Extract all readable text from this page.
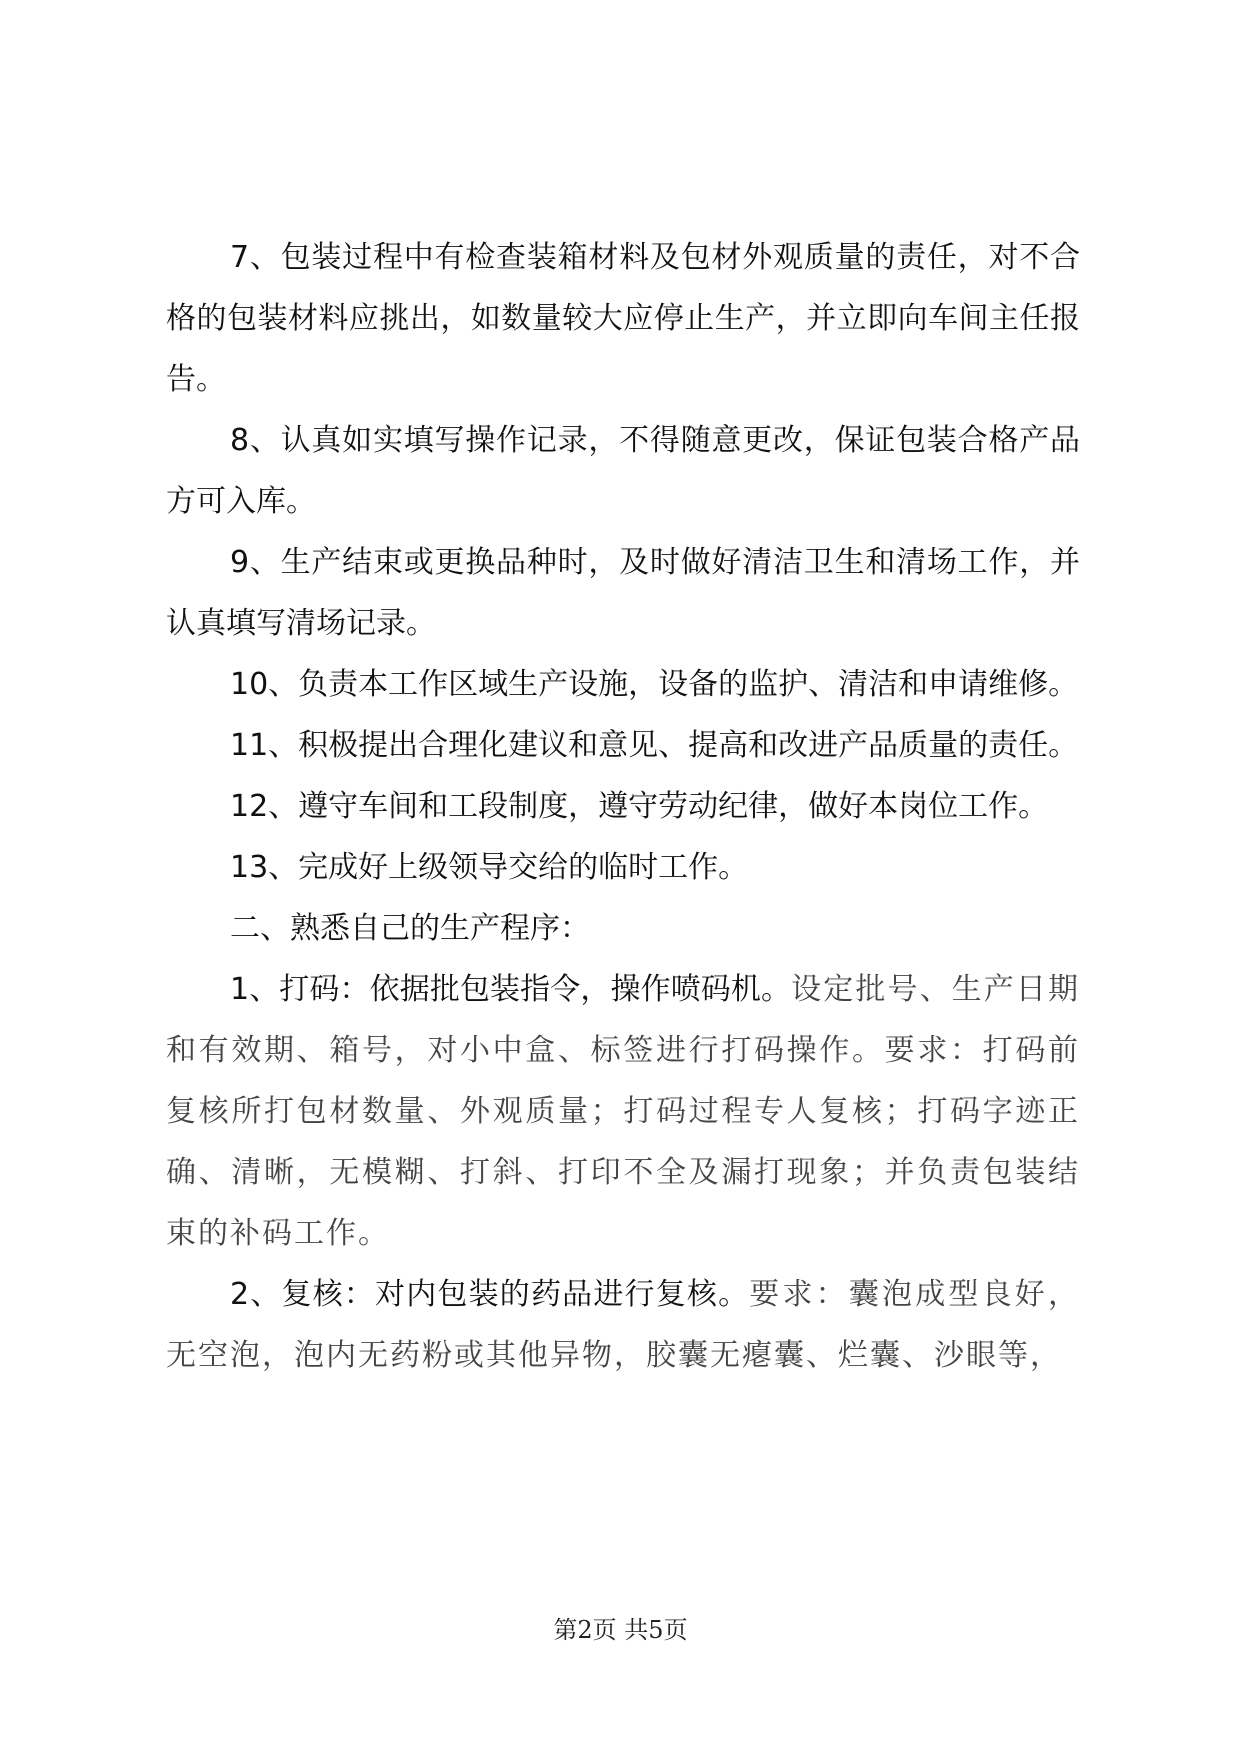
7、包装过程中有检查装箱材料及包材外观质量的责任，对不合格的包装材料应挑出，如数量较大应停止生产，并立即向车间主任报告。

8、认真如实填写操作记录，不得随意更改，保证包装合格产品方可入库。

9、生产结束或更换品种时，及时做好清洁卫生和清场工作，并认真填写清场记录。

10、负责本工作区域生产设施，设备的监护、清洁和申请维修。

11、积极提出合理化建议和意见、提高和改进产品质量的责任。

12、遵守车间和工段制度，遵守劳动纪律，做好本岗位工作。

13、完成好上级领导交给的临时工作。

二、熟悉自己的生产程序：

1、打码：依据批包装指令，操作喷码机。设定批号、生产日期和有效期、箱号，对小中盒、标签进行打码操作。要求：打码前复核所打包材数量、外观质量；打码过程专人复核；打码字迹正确、清晰，无模糊、打斜、打印不全及漏打现象；并负责包装结束的补码工作。

2、复核：对内包装的药品进行复核。要求：囊泡成型良好，无空泡，泡内无药粉或其他异物，胶囊无瘪囊、烂囊、沙眼等，

第2页 共5页
